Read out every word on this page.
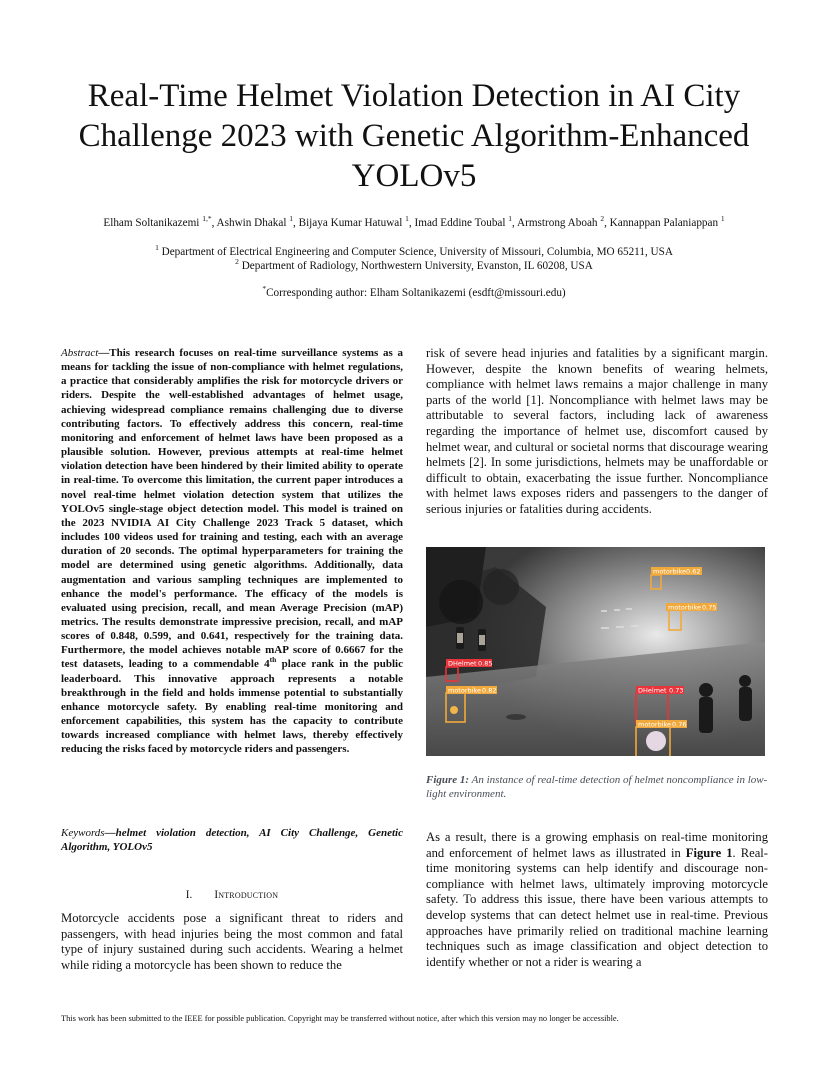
Real-Time Helmet Violation Detection in AI City Challenge 2023 with Genetic Algorithm-Enhanced YOLOv5
Elham Soltanikazemi $^{1,*}$, Ashwin Dhakal $^1$, Bijaya Kumar Hatuwal $^1$, Imad Eddine Toubal $^1$, Armstrong Aboah $^2$, Kannappan Palaniappan $^1$
$^1$ Department of Electrical Engineering and Computer Science, University of Missouri, Columbia, MO 65211, USA
$^2$ Department of Radiology, Northwestern University, Evanston, IL 60208, USA
*Corresponding author: Elham Soltanikazemi (esdft@missouri.edu)

Abstract—This research focuses on real-time surveillance systems as a means for tackling the issue of non-compliance with helmet regulations, a practice that considerably amplifies the risk for motorcycle drivers or riders. Despite the well-established advantages of helmet usage, achieving widespread compliance remains challenging due to diverse contributing factors. To effectively address this concern, real-time monitoring and enforcement of helmet laws have been proposed as a plausible solution. However, previous attempts at real-time helmet violation detection have been hindered by their limited ability to operate in real-time. To overcome this limitation, the current paper introduces a novel real-time helmet violation detection system that utilizes the YOLOv5 single-stage object detection model. This model is trained on the 2023 NVIDIA AI City Challenge 2023 Track 5 dataset, which includes 100 videos used for training and testing, each with an average duration of 20 seconds. The optimal hyperparameters for training the model are determined using genetic algorithms. Additionally, data augmentation and various sampling techniques are implemented to enhance the model's performance. The efficacy of the models is evaluated using precision, recall, and mean Average Precision (mAP) metrics. The results demonstrate impressive precision, recall, and mAP scores of 0.848, 0.599, and 0.641, respectively for the training data. Furthermore, the model achieves notable mAP score of 0.6667 for the test datasets, leading to a commendable 4th place rank in the public leaderboard. This innovative approach represents a notable breakthrough in the field and holds immense potential to substantially enhance motorcycle safety. By enabling real-time monitoring and enforcement capabilities, this system has the capacity to contribute towards increased compliance with helmet laws, thereby effectively reducing the risks faced by motorcycle riders and passengers.

Keywords—helmet violation detection, AI City Challenge, Genetic Algorithm, YOLOv5

I. Introduction

Motorcycle accidents pose a significant threat to riders and passengers, with head injuries being the most common and fatal type of injury sustained during such accidents. Wearing a helmet while riding a motorcycle has been shown to reduce the

risk of severe head injuries and fatalities by a significant margin. However, despite the known benefits of wearing helmets, compliance with helmet laws remains a major challenge in many parts of the world [1]. Noncompliance with helmet laws may be attributable to several factors, including lack of awareness regarding the importance of helmet use, discomfort caused by helmet wear, and cultural or societal norms that discourage wearing helmets [2]. In some jurisdictions, helmets may be unaffordable or difficult to obtain, exacerbating the issue further. Noncompliance with helmet laws exposes riders and passengers to the danger of serious injuries or fatalities during accidents.

motorbike 0.62
motorbike 0.75
DHelmet 0.85
motorbike 0.82	DHelmet 0.73
motorbike 0.76

Figure 1: An instance of real-time detection of helmet noncompliance in low-light environment.

As a result, there is a growing emphasis on real-time monitoring and enforcement of helmet laws as illustrated in Figure 1. Real-time monitoring systems can help identify and discourage non-compliance with helmet laws, ultimately improving motorcycle safety. To address this issue, there have been various attempts to develop systems that can detect helmet use in real-time. Previous approaches have primarily relied on traditional machine learning techniques such as image classification and object detection to identify whether or not a rider is wearing a

This work has been submitted to the IEEE for possible publication. Copyright may be transferred without notice, after which this version may no longer be accessible.
